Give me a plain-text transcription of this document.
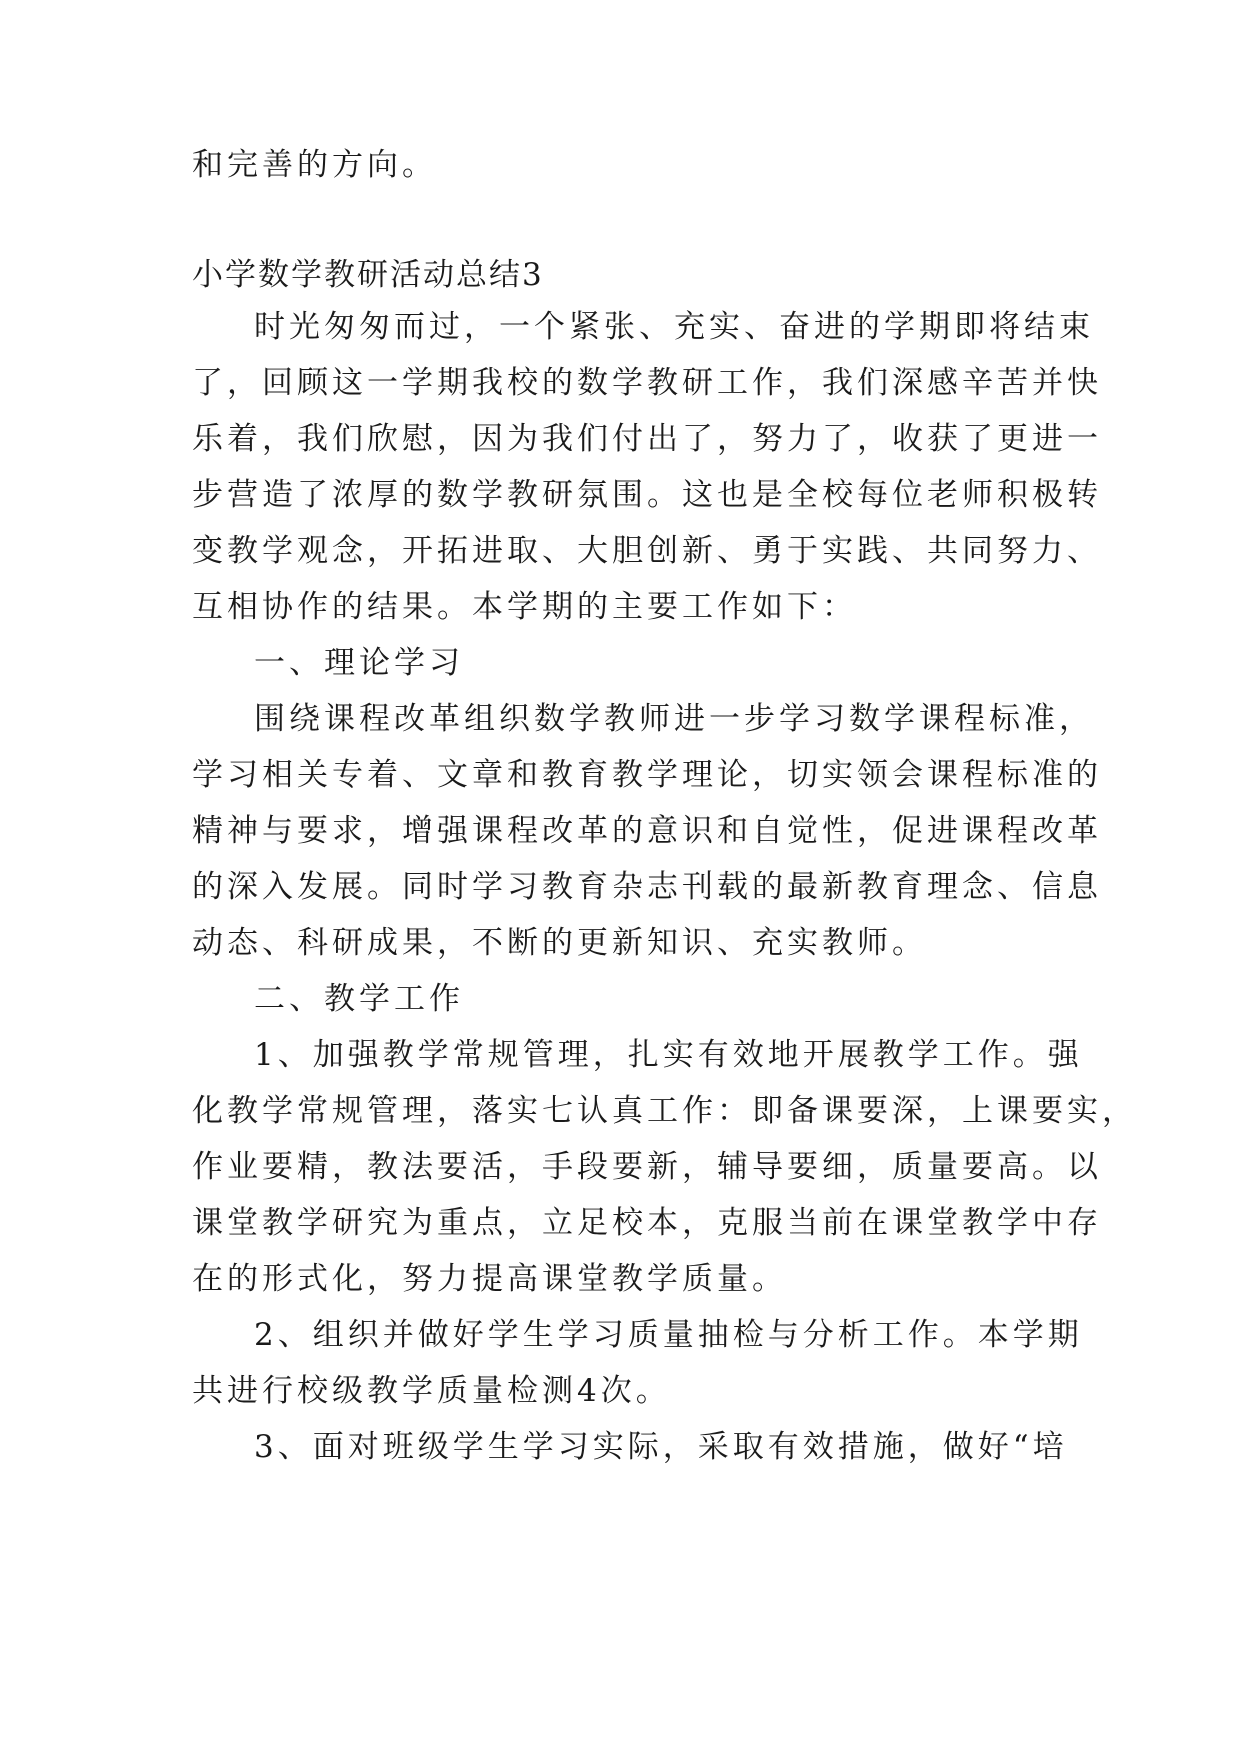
和完善的方向。
小学数学教研活动总结3
时光匆匆而过，一个紧张、充实、奋进的学期即将结束
了，回顾这一学期我校的数学教研工作，我们深感辛苦并快
乐着，我们欣慰，因为我们付出了，努力了，收获了更进一
步营造了浓厚的数学教研氛围。这也是全校每位老师积极转
变教学观念，开拓进取、大胆创新、勇于实践、共同努力、
互相协作的结果。本学期的主要工作如下：
一、理论学习
围绕课程改革组织数学教师进一步学习数学课程标准，
学习相关专着、文章和教育教学理论，切实领会课程标准的
精神与要求，增强课程改革的意识和自觉性，促进课程改革
的深入发展。同时学习教育杂志刊载的最新教育理念、信息
动态、科研成果，不断的更新知识、充实教师。
二、教学工作
1、加强教学常规管理，扎实有效地开展教学工作。强
化教学常规管理，落实七认真工作：即备课要深，上课要实，
作业要精，教法要活，手段要新，辅导要细，质量要高。以
课堂教学研究为重点，立足校本，克服当前在课堂教学中存
在的形式化，努力提高课堂教学质量。
2、组织并做好学生学习质量抽检与分析工作。本学期
共进行校级教学质量检测4次。
3、面对班级学生学习实际，采取有效措施，做好“培
